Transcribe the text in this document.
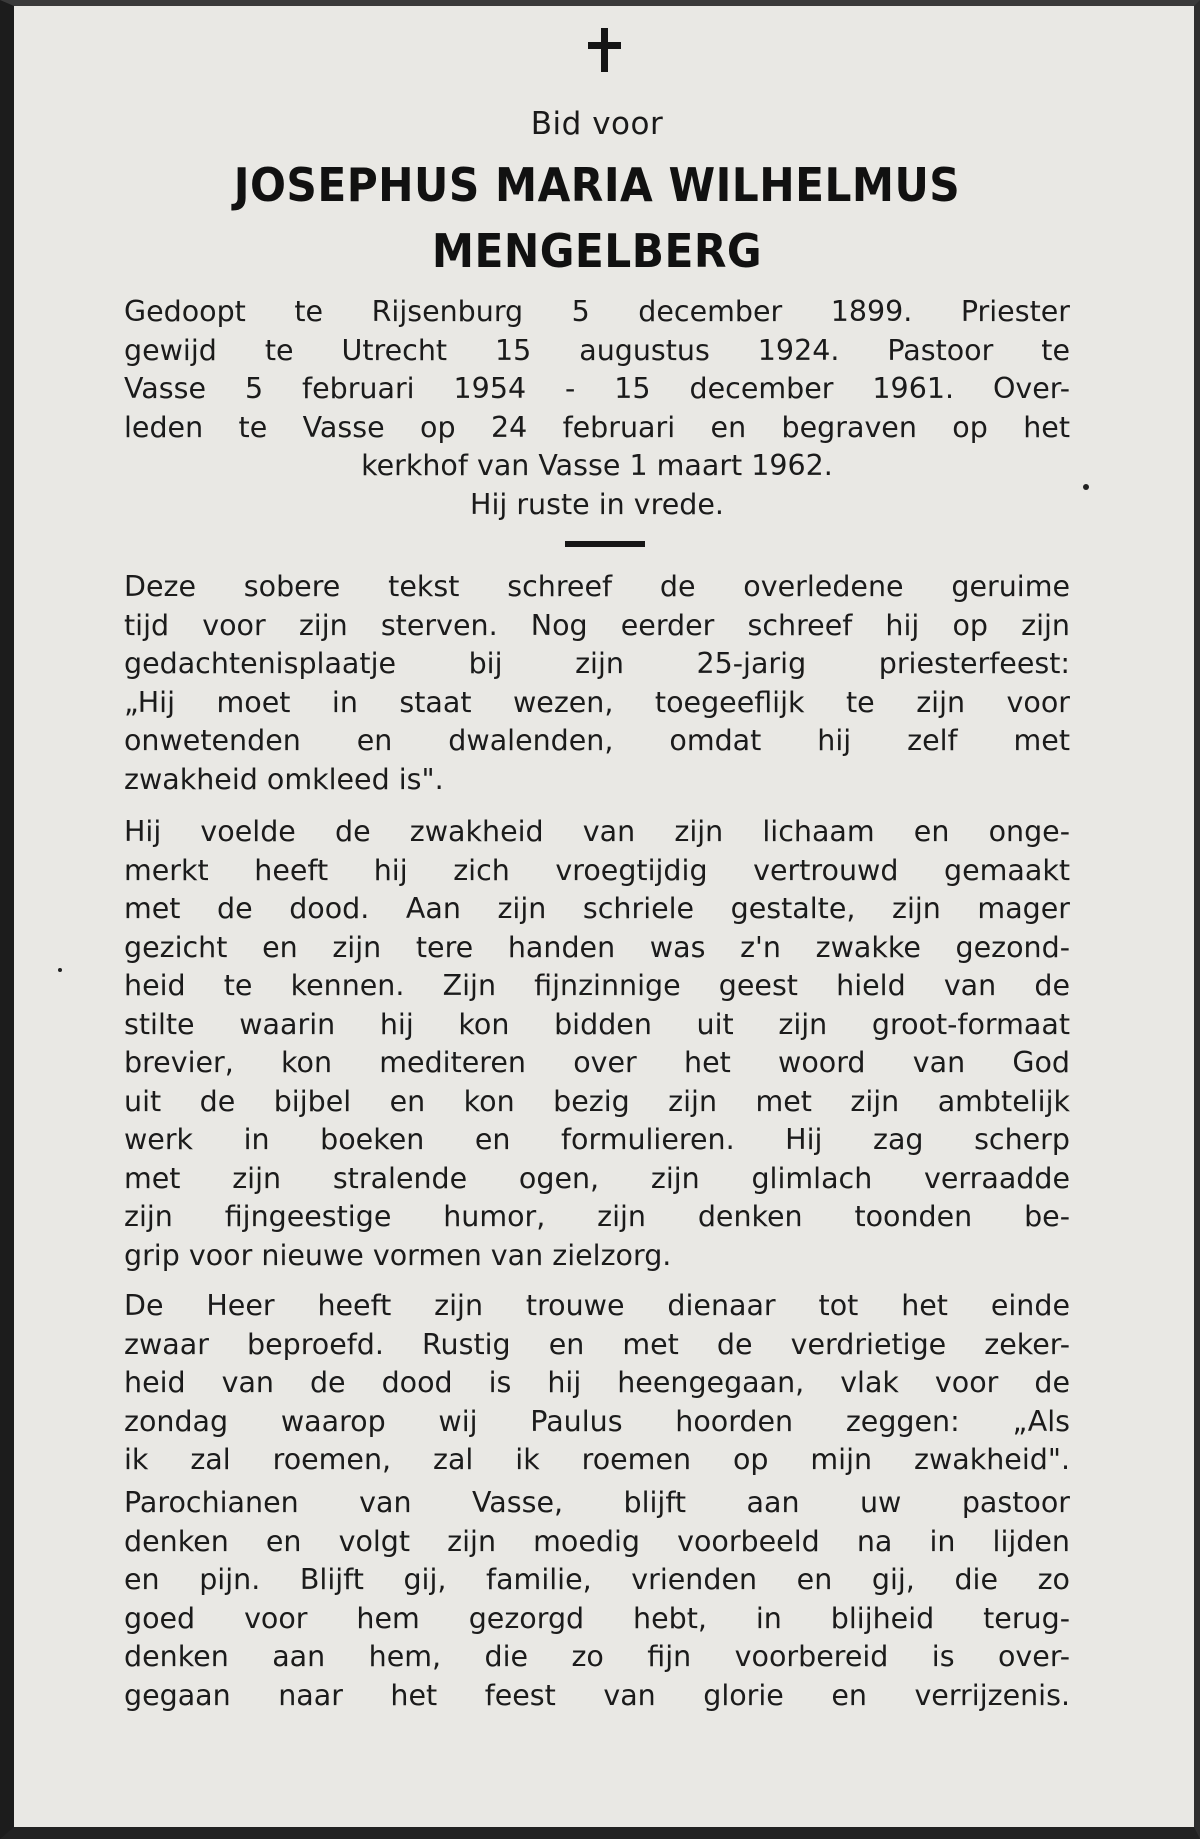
Bid voor
JOSEPHUS MARIA WILHELMUS
MENGELBERG
Gedoopt te Rijsenburg 5 december 1899. Priester
gewijd te Utrecht 15 augustus 1924. Pastoor te
Vasse 5 februari 1954 - 15 december 1961. Over-
leden te Vasse op 24 februari en begraven op het
kerkhof van Vasse 1 maart 1962.
Hij ruste in vrede.
Deze sobere tekst schreef de overledene geruime
tijd voor zijn sterven. Nog eerder schreef hij op zijn
gedachtenisplaatje bij zijn 25-jarig priesterfeest:
„Hij moet in staat wezen, toegeeflijk te zijn voor
onwetenden en dwalenden, omdat hij zelf met
zwakheid omkleed is".
Hij voelde de zwakheid van zijn lichaam en onge-
merkt heeft hij zich vroegtijdig vertrouwd gemaakt
met de dood. Aan zijn schriele gestalte, zijn mager
gezicht en zijn tere handen was z'n zwakke gezond-
heid te kennen. Zijn fijnzinnige geest hield van de
stilte waarin hij kon bidden uit zijn groot-formaat
brevier, kon mediteren over het woord van God
uit de bijbel en kon bezig zijn met zijn ambtelijk
werk in boeken en formulieren. Hij zag scherp
met zijn stralende ogen, zijn glimlach verraadde
zijn fijngeestige humor, zijn denken toonden be-
grip voor nieuwe vormen van zielzorg.
De Heer heeft zijn trouwe dienaar tot het einde
zwaar beproefd. Rustig en met de verdrietige zeker-
heid van de dood is hij heengegaan, vlak voor de
zondag waarop wij Paulus hoorden zeggen: „Als
ik zal roemen, zal ik roemen op mijn zwakheid".
Parochianen van Vasse, blijft aan uw pastoor
denken en volgt zijn moedig voorbeeld na in lijden
en pijn. Blijft gij, familie, vrienden en gij, die zo
goed voor hem gezorgd hebt, in blijheid terug-
denken aan hem, die zo fijn voorbereid is over-
gegaan naar het feest van glorie en verrijzenis.
